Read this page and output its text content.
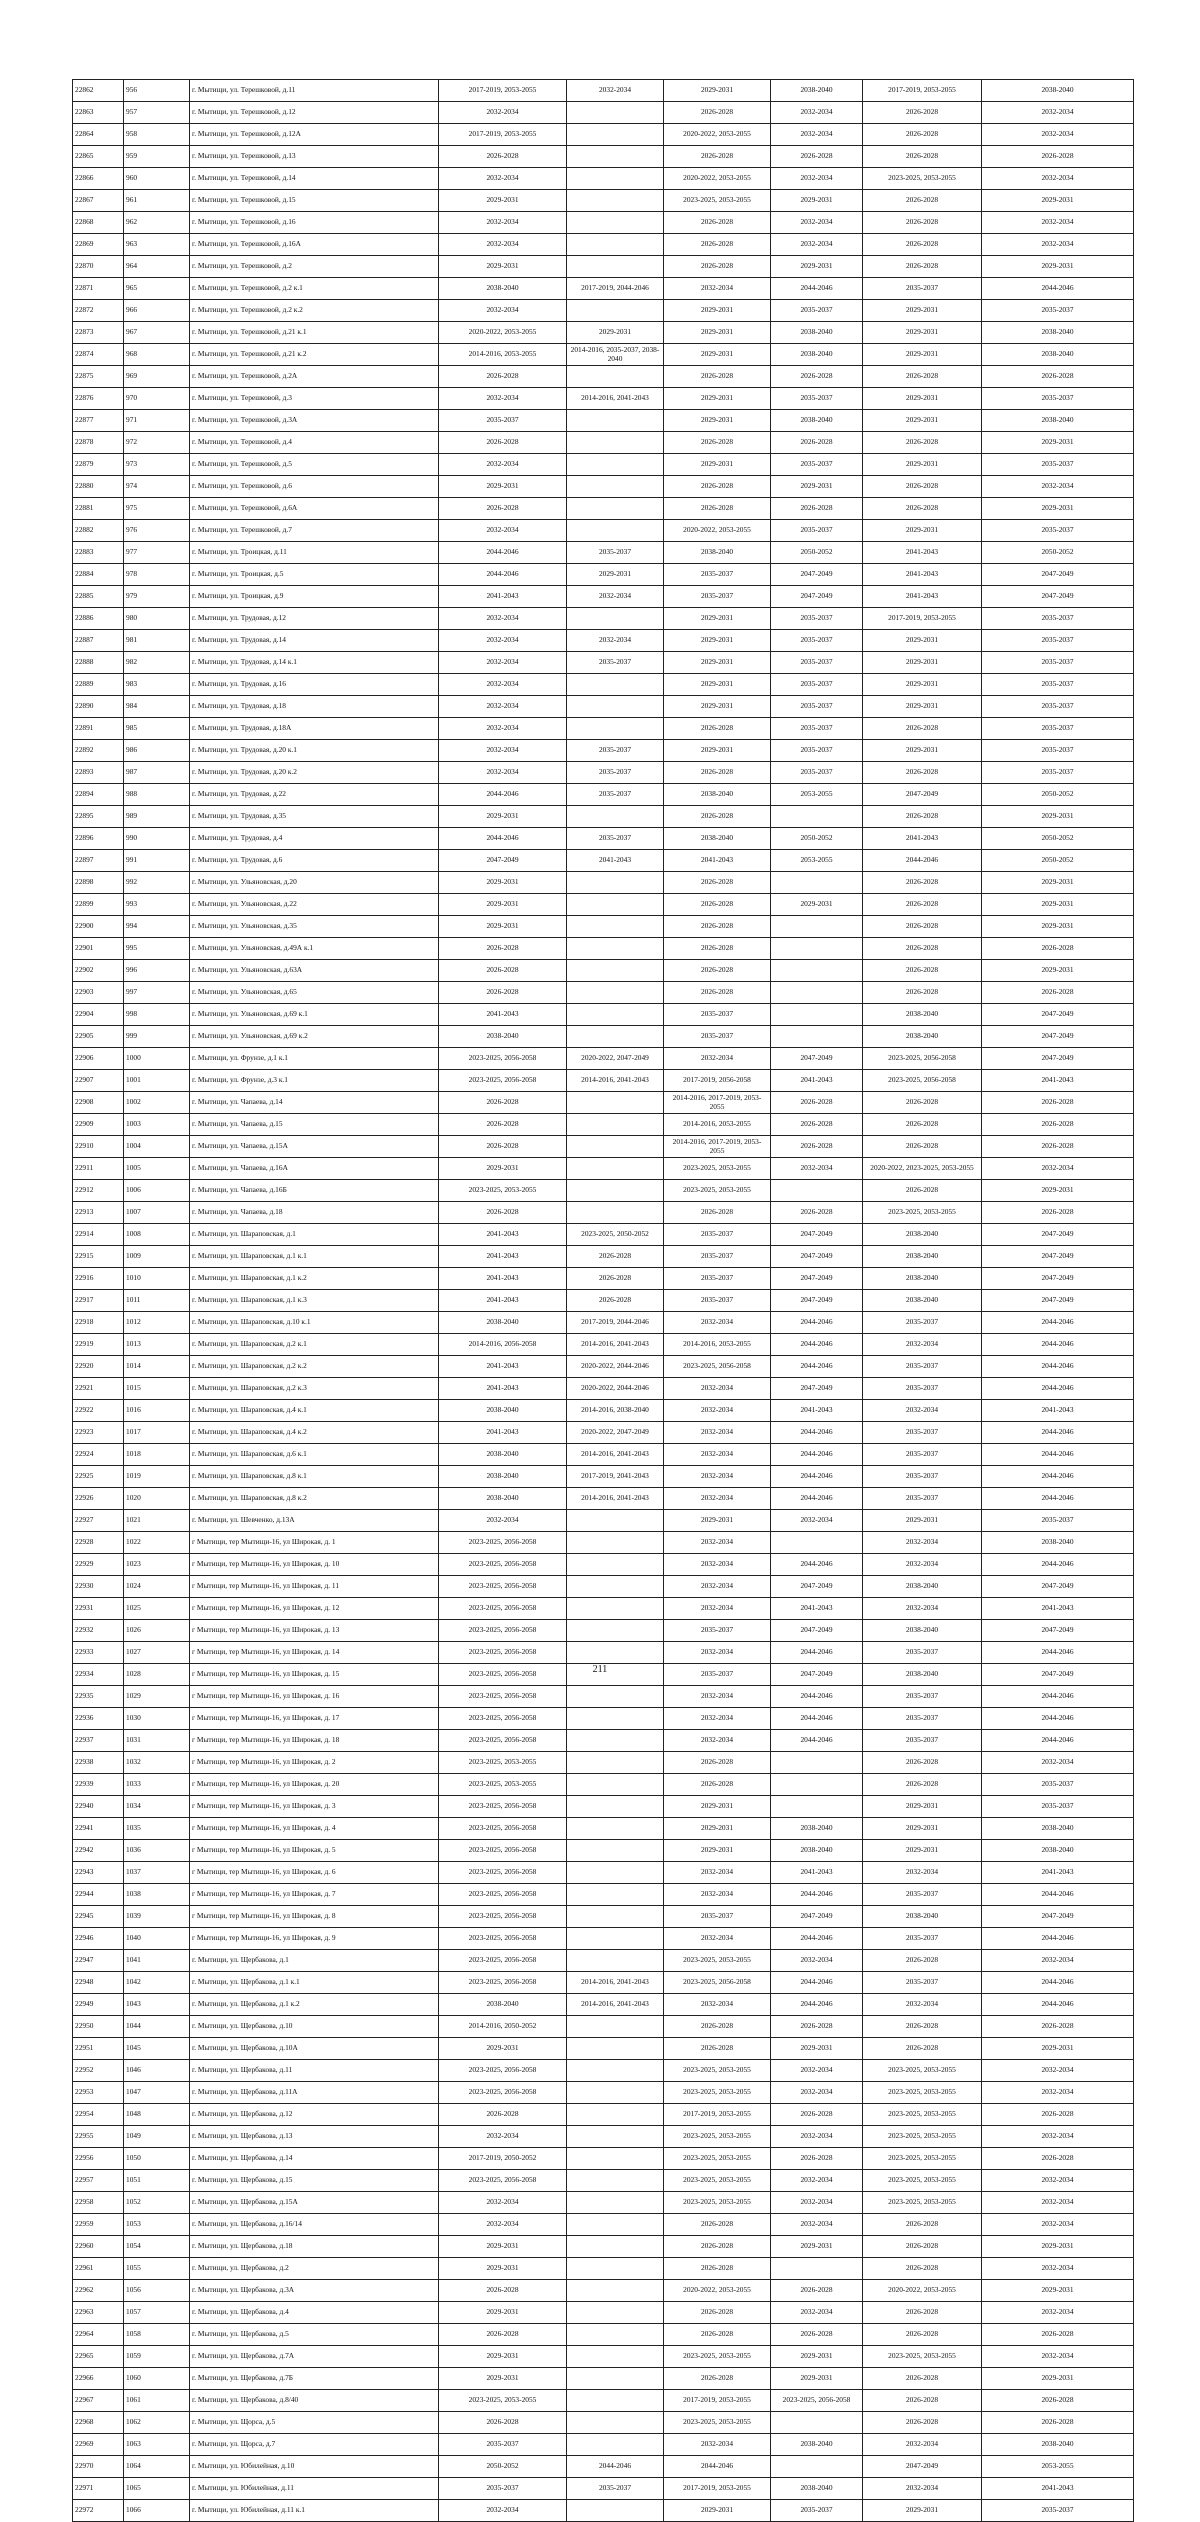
22862	956	г. Мытищи, ул. Терешковой, д.11	2017-2019, 2053-2055	2032-2034	2029-2031	2038-2040	2017-2019, 2053-2055	2038-2040
22863	957	г. Мытищи, ул. Терешковой, д.12	2032-2034		2026-2028	2032-2034	2026-2028	2032-2034
22864	958	г. Мытищи, ул. Терешковой, д.12А	2017-2019, 2053-2055		2020-2022, 2053-2055	2032-2034	2026-2028	2032-2034
22865	959	г. Мытищи, ул. Терешковой, д.13	2026-2028		2026-2028	2026-2028	2026-2028	2026-2028
22866	960	г. Мытищи, ул. Терешковой, д.14	2032-2034		2020-2022, 2053-2055	2032-2034	2023-2025, 2053-2055	2032-2034
22867	961	г. Мытищи, ул. Терешковой, д.15	2029-2031		2023-2025, 2053-2055	2029-2031	2026-2028	2029-2031
22868	962	г. Мытищи, ул. Терешковой, д.16	2032-2034		2026-2028	2032-2034	2026-2028	2032-2034
22869	963	г. Мытищи, ул. Терешковой, д.16А	2032-2034		2026-2028	2032-2034	2026-2028	2032-2034
22870	964	г. Мытищи, ул. Терешковой, д.2	2029-2031		2026-2028	2029-2031	2026-2028	2029-2031
22871	965	г. Мытищи, ул. Терешковой, д.2 к.1	2038-2040	2017-2019, 2044-2046	2032-2034	2044-2046	2035-2037	2044-2046
22872	966	г. Мытищи, ул. Терешковой, д.2 к.2	2032-2034		2029-2031	2035-2037	2029-2031	2035-2037
22873	967	г. Мытищи, ул. Терешковой, д.21 к.1	2020-2022, 2053-2055	2029-2031	2029-2031	2038-2040	2029-2031	2038-2040
22874	968	г. Мытищи, ул. Терешковой, д.21 к.2	2014-2016, 2053-2055	2014-2016, 2035-2037, 2038-2040	2029-2031	2038-2040	2029-2031	2038-2040
22875	969	г. Мытищи, ул. Терешковой, д.2А	2026-2028		2026-2028	2026-2028	2026-2028	2026-2028
22876	970	г. Мытищи, ул. Терешковой, д.3	2032-2034	2014-2016, 2041-2043	2029-2031	2035-2037	2029-2031	2035-2037
22877	971	г. Мытищи, ул. Терешковой, д.3А	2035-2037		2029-2031	2038-2040	2029-2031	2038-2040
22878	972	г. Мытищи, ул. Терешковой, д.4	2026-2028		2026-2028	2026-2028	2026-2028	2029-2031
22879	973	г. Мытищи, ул. Терешковой, д.5	2032-2034		2029-2031	2035-2037	2029-2031	2035-2037
22880	974	г. Мытищи, ул. Терешковой, д.6	2029-2031		2026-2028	2029-2031	2026-2028	2032-2034
22881	975	г. Мытищи, ул. Терешковой, д.6А	2026-2028		2026-2028	2026-2028	2026-2028	2029-2031
22882	976	г. Мытищи, ул. Терешковой, д.7	2032-2034		2020-2022, 2053-2055	2035-2037	2029-2031	2035-2037
22883	977	г. Мытищи, ул. Троицкая, д.11	2044-2046	2035-2037	2038-2040	2050-2052	2041-2043	2050-2052
22884	978	г. Мытищи, ул. Троицкая, д.5	2044-2046	2029-2031	2035-2037	2047-2049	2041-2043	2047-2049
22885	979	г. Мытищи, ул. Троицкая, д.9	2041-2043	2032-2034	2035-2037	2047-2049	2041-2043	2047-2049
22886	980	г. Мытищи, ул. Трудовая, д.12	2032-2034		2029-2031	2035-2037	2017-2019, 2053-2055	2035-2037
22887	981	г. Мытищи, ул. Трудовая, д.14	2032-2034	2032-2034	2029-2031	2035-2037	2029-2031	2035-2037
22888	982	г. Мытищи, ул. Трудовая, д.14 к.1	2032-2034	2035-2037	2029-2031	2035-2037	2029-2031	2035-2037
22889	983	г. Мытищи, ул. Трудовая, д.16	2032-2034		2029-2031	2035-2037	2029-2031	2035-2037
22890	984	г. Мытищи, ул. Трудовая, д.18	2032-2034		2029-2031	2035-2037	2029-2031	2035-2037
22891	985	г. Мытищи, ул. Трудовая, д.18А	2032-2034		2026-2028	2035-2037	2026-2028	2035-2037
22892	986	г. Мытищи, ул. Трудовая, д.20 к.1	2032-2034	2035-2037	2029-2031	2035-2037	2029-2031	2035-2037
22893	987	г. Мытищи, ул. Трудовая, д.20 к.2	2032-2034	2035-2037	2026-2028	2035-2037	2026-2028	2035-2037
22894	988	г. Мытищи, ул. Трудовая, д.22	2044-2046	2035-2037	2038-2040	2053-2055	2047-2049	2050-2052
22895	989	г. Мытищи, ул. Трудовая, д.35	2029-2031		2026-2028		2026-2028	2029-2031
22896	990	г. Мытищи, ул. Трудовая, д.4	2044-2046	2035-2037	2038-2040	2050-2052	2041-2043	2050-2052
22897	991	г. Мытищи, ул. Трудовая, д.6	2047-2049	2041-2043	2041-2043	2053-2055	2044-2046	2050-2052
22898	992	г. Мытищи, ул. Ульяновская, д.20	2029-2031		2026-2028		2026-2028	2029-2031
22899	993	г. Мытищи, ул. Ульяновская, д.22	2029-2031		2026-2028	2029-2031	2026-2028	2029-2031
22900	994	г. Мытищи, ул. Ульяновская, д.35	2029-2031		2026-2028		2026-2028	2029-2031
22901	995	г. Мытищи, ул. Ульяновская, д.49А к.1	2026-2028		2026-2028		2026-2028	2026-2028
22902	996	г. Мытищи, ул. Ульяновская, д.63А	2026-2028		2026-2028		2026-2028	2029-2031
22903	997	г. Мытищи, ул. Ульяновская, д.65	2026-2028		2026-2028		2026-2028	2026-2028
22904	998	г. Мытищи, ул. Ульяновская, д.69 к.1	2041-2043		2035-2037		2038-2040	2047-2049
22905	999	г. Мытищи, ул. Ульяновская, д.69 к.2	2038-2040		2035-2037		2038-2040	2047-2049
22906	1000	г. Мытищи, ул. Фрунзе, д.1 к.1	2023-2025, 2056-2058	2020-2022, 2047-2049	2032-2034	2047-2049	2023-2025, 2056-2058	2047-2049
22907	1001	г. Мытищи, ул. Фрунзе, д.3 к.1	2023-2025, 2056-2058	2014-2016, 2041-2043	2017-2019, 2056-2058	2041-2043	2023-2025, 2056-2058	2041-2043
22908	1002	г. Мытищи, ул. Чапаева, д.14	2026-2028		2014-2016, 2017-2019, 2053-2055	2026-2028	2026-2028	2026-2028
22909	1003	г. Мытищи, ул. Чапаева, д.15	2026-2028		2014-2016, 2053-2055	2026-2028	2026-2028	2026-2028
22910	1004	г. Мытищи, ул. Чапаева, д.15А	2026-2028		2014-2016, 2017-2019, 2053-2055	2026-2028	2026-2028	2026-2028
22911	1005	г. Мытищи, ул. Чапаева, д.16А	2029-2031		2023-2025, 2053-2055	2032-2034	2020-2022, 2023-2025, 2053-2055	2032-2034
22912	1006	г. Мытищи, ул. Чапаева, д.16Б	2023-2025, 2053-2055		2023-2025, 2053-2055		2026-2028	2029-2031
22913	1007	г. Мытищи, ул. Чапаева, д.18	2026-2028		2026-2028	2026-2028	2023-2025, 2053-2055	2026-2028
22914	1008	г. Мытищи, ул. Шараповская, д.1	2041-2043	2023-2025, 2050-2052	2035-2037	2047-2049	2038-2040	2047-2049
22915	1009	г. Мытищи, ул. Шараповская, д.1 к.1	2041-2043	2026-2028	2035-2037	2047-2049	2038-2040	2047-2049
22916	1010	г. Мытищи, ул. Шараповская, д.1 к.2	2041-2043	2026-2028	2035-2037	2047-2049	2038-2040	2047-2049
22917	1011	г. Мытищи, ул. Шараповская, д.1 к.3	2041-2043	2026-2028	2035-2037	2047-2049	2038-2040	2047-2049
22918	1012	г. Мытищи, ул. Шараповская, д.10 к.1	2038-2040	2017-2019, 2044-2046	2032-2034	2044-2046	2035-2037	2044-2046
22919	1013	г. Мытищи, ул. Шараповская, д.2 к.1	2014-2016, 2056-2058	2014-2016, 2041-2043	2014-2016, 2053-2055	2044-2046	2032-2034	2044-2046
22920	1014	г. Мытищи, ул. Шараповская, д.2 к.2	2041-2043	2020-2022, 2044-2046	2023-2025, 2056-2058	2044-2046	2035-2037	2044-2046
22921	1015	г. Мытищи, ул. Шараповская, д.2 к.3	2041-2043	2020-2022, 2044-2046	2032-2034	2047-2049	2035-2037	2044-2046
22922	1016	г. Мытищи, ул. Шараповская, д.4 к.1	2038-2040	2014-2016, 2038-2040	2032-2034	2041-2043	2032-2034	2041-2043
22923	1017	г. Мытищи, ул. Шараповская, д.4 к.2	2041-2043	2020-2022, 2047-2049	2032-2034	2044-2046	2035-2037	2044-2046
22924	1018	г. Мытищи, ул. Шараповская, д.6 к.1	2038-2040	2014-2016, 2041-2043	2032-2034	2044-2046	2035-2037	2044-2046
22925	1019	г. Мытищи, ул. Шараповская, д.8 к.1	2038-2040	2017-2019, 2041-2043	2032-2034	2044-2046	2035-2037	2044-2046
22926	1020	г. Мытищи, ул. Шараповская, д.8 к.2	2038-2040	2014-2016, 2041-2043	2032-2034	2044-2046	2035-2037	2044-2046
22927	1021	г. Мытищи, ул. Шевченко, д.13А	2032-2034		2029-2031	2032-2034	2029-2031	2035-2037
22928	1022	г Мытищи, тер Мытищи-16, ул Широкая, д. 1	2023-2025, 2056-2058		2032-2034		2032-2034	2038-2040
22929	1023	г Мытищи, тер Мытищи-16, ул Широкая, д. 10	2023-2025, 2056-2058		2032-2034	2044-2046	2032-2034	2044-2046
22930	1024	г Мытищи, тер Мытищи-16, ул Широкая, д. 11	2023-2025, 2056-2058		2032-2034	2047-2049	2038-2040	2047-2049
22931	1025	г Мытищи, тер Мытищи-16, ул Широкая, д. 12	2023-2025, 2056-2058		2032-2034	2041-2043	2032-2034	2041-2043
22932	1026	г Мытищи, тер Мытищи-16, ул Широкая, д. 13	2023-2025, 2056-2058		2035-2037	2047-2049	2038-2040	2047-2049
22933	1027	г Мытищи, тер Мытищи-16, ул Широкая, д. 14	2023-2025, 2056-2058		2032-2034	2044-2046	2035-2037	2044-2046
22934	1028	г Мытищи, тер Мытищи-16, ул Широкая, д. 15	2023-2025, 2056-2058		2035-2037	2047-2049	2038-2040	2047-2049
22935	1029	г Мытищи, тер Мытищи-16, ул Широкая, д. 16	2023-2025, 2056-2058		2032-2034	2044-2046	2035-2037	2044-2046
22936	1030	г Мытищи, тер Мытищи-16, ул Широкая, д. 17	2023-2025, 2056-2058		2032-2034	2044-2046	2035-2037	2044-2046
22937	1031	г Мытищи, тер Мытищи-16, ул Широкая, д. 18	2023-2025, 2056-2058		2032-2034	2044-2046	2035-2037	2044-2046
22938	1032	г Мытищи, тер Мытищи-16, ул Широкая, д. 2	2023-2025, 2053-2055		2026-2028		2026-2028	2032-2034
22939	1033	г Мытищи, тер Мытищи-16, ул Широкая, д. 20	2023-2025, 2053-2055		2026-2028		2026-2028	2035-2037
22940	1034	г Мытищи, тер Мытищи-16, ул Широкая, д. 3	2023-2025, 2056-2058		2029-2031		2029-2031	2035-2037
22941	1035	г Мытищи, тер Мытищи-16, ул Широкая, д. 4	2023-2025, 2056-2058		2029-2031	2038-2040	2029-2031	2038-2040
22942	1036	г Мытищи, тер Мытищи-16, ул Широкая, д. 5	2023-2025, 2056-2058		2029-2031	2038-2040	2029-2031	2038-2040
22943	1037	г Мытищи, тер Мытищи-16, ул Широкая, д. 6	2023-2025, 2056-2058		2032-2034	2041-2043	2032-2034	2041-2043
22944	1038	г Мытищи, тер Мытищи-16, ул Широкая, д. 7	2023-2025, 2056-2058		2032-2034	2044-2046	2035-2037	2044-2046
22945	1039	г Мытищи, тер Мытищи-16, ул Широкая, д. 8	2023-2025, 2056-2058		2035-2037	2047-2049	2038-2040	2047-2049
22946	1040	г Мытищи, тер Мытищи-16, ул Широкая, д. 9	2023-2025, 2056-2058		2032-2034	2044-2046	2035-2037	2044-2046
22947	1041	г. Мытищи, ул. Щербакова, д.1	2023-2025, 2056-2058		2023-2025, 2053-2055	2032-2034	2026-2028	2032-2034
22948	1042	г. Мытищи, ул. Щербакова, д.1 к.1	2023-2025, 2056-2058	2014-2016, 2041-2043	2023-2025, 2056-2058	2044-2046	2035-2037	2044-2046
22949	1043	г. Мытищи, ул. Щербакова, д.1 к.2	2038-2040	2014-2016, 2041-2043	2032-2034	2044-2046	2032-2034	2044-2046
22950	1044	г. Мытищи, ул. Щербакова, д.10	2014-2016, 2050-2052		2026-2028	2026-2028	2026-2028	2026-2028
22951	1045	г. Мытищи, ул. Щербакова, д.10А	2029-2031		2026-2028	2029-2031	2026-2028	2029-2031
22952	1046	г. Мытищи, ул. Щербакова, д.11	2023-2025, 2056-2058		2023-2025, 2053-2055	2032-2034	2023-2025, 2053-2055	2032-2034
22953	1047	г. Мытищи, ул. Щербакова, д.11А	2023-2025, 2056-2058		2023-2025, 2053-2055	2032-2034	2023-2025, 2053-2055	2032-2034
22954	1048	г. Мытищи, ул. Щербакова, д.12	2026-2028		2017-2019, 2053-2055	2026-2028	2023-2025, 2053-2055	2026-2028
22955	1049	г. Мытищи, ул. Щербакова, д.13	2032-2034		2023-2025, 2053-2055	2032-2034	2023-2025, 2053-2055	2032-2034
22956	1050	г. Мытищи, ул. Щербакова, д.14	2017-2019, 2050-2052		2023-2025, 2053-2055	2026-2028	2023-2025, 2053-2055	2026-2028
22957	1051	г. Мытищи, ул. Щербакова, д.15	2023-2025, 2056-2058		2023-2025, 2053-2055	2032-2034	2023-2025, 2053-2055	2032-2034
22958	1052	г. Мытищи, ул. Щербакова, д.15А	2032-2034		2023-2025, 2053-2055	2032-2034	2023-2025, 2053-2055	2032-2034
22959	1053	г. Мытищи, ул. Щербакова, д.16/14	2032-2034		2026-2028	2032-2034	2026-2028	2032-2034
22960	1054	г. Мытищи, ул. Щербакова, д.18	2029-2031		2026-2028	2029-2031	2026-2028	2029-2031
22961	1055	г. Мытищи, ул. Щербакова, д.2	2029-2031		2026-2028		2026-2028	2032-2034
22962	1056	г. Мытищи, ул. Щербакова, д.3А	2026-2028		2020-2022, 2053-2055	2026-2028	2020-2022, 2053-2055	2029-2031
22963	1057	г. Мытищи, ул. Щербакова, д.4	2029-2031		2026-2028	2032-2034	2026-2028	2032-2034
22964	1058	г. Мытищи, ул. Щербакова, д.5	2026-2028		2026-2028	2026-2028	2026-2028	2026-2028
22965	1059	г. Мытищи, ул. Щербакова, д.7А	2029-2031		2023-2025, 2053-2055	2029-2031	2023-2025, 2053-2055	2032-2034
22966	1060	г. Мытищи, ул. Щербакова, д.7Б	2029-2031		2026-2028	2029-2031	2026-2028	2029-2031
22967	1061	г. Мытищи, ул. Щербакова, д.8/40	2023-2025, 2053-2055		2017-2019, 2053-2055	2023-2025, 2056-2058	2026-2028	2026-2028
22968	1062	г. Мытищи, ул. Щорса, д.5	2026-2028		2023-2025, 2053-2055		2026-2028	2026-2028
22969	1063	г. Мытищи, ул. Щорса, д.7	2035-2037		2032-2034	2038-2040	2032-2034	2038-2040
22970	1064	г. Мытищи, ул. Юбилейная, д.10	2050-2052	2044-2046	2044-2046		2047-2049	2053-2055
22971	1065	г. Мытищи, ул. Юбилейная, д.11	2035-2037	2035-2037	2017-2019, 2053-2055	2038-2040	2032-2034	2041-2043
22972	1066	г. Мытищи, ул. Юбилейная, д.11 к.1	2032-2034		2029-2031	2035-2037	2029-2031	2035-2037
211
